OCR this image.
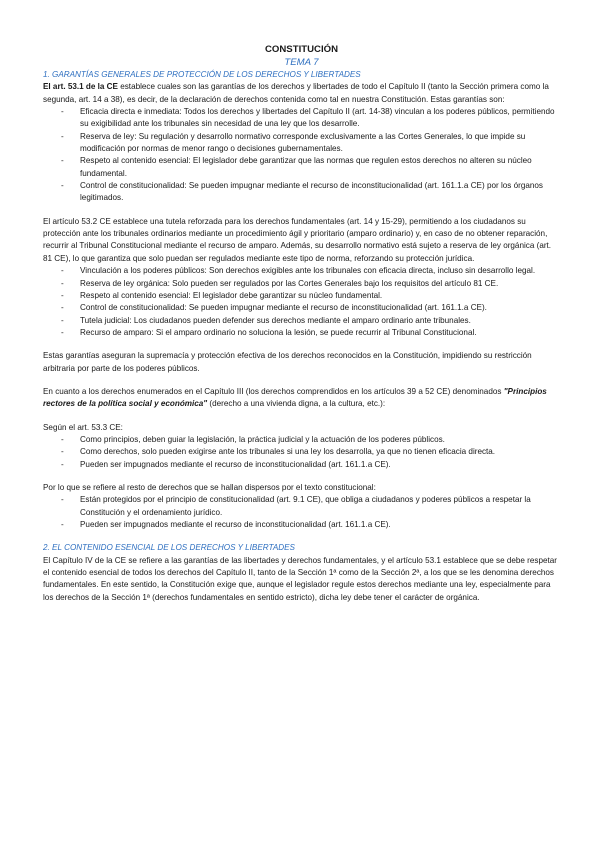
CONSTITUCIÓN
TEMA 7
1. GARANTÍAS GENERALES DE PROTECCIÓN DE LOS DERECHOS Y LIBERTADES

El art. 53.1 de la CE establece cuales son las garantías de los derechos y libertades de todo el Capítulo II (tanto la Sección primera como la segunda, art. 14 a 38), es decir, de la declaración de derechos contenida como tal en nuestra Constitución. Estas garantías son:

- Eficacia directa e inmediata: Todos los derechos y libertades del Capítulo II (art. 14-38) vinculan a los poderes públicos, permitiendo su exigibilidad ante los tribunales sin necesidad de una ley que los desarrolle.
- Reserva de ley: Su regulación y desarrollo normativo corresponde exclusivamente a las Cortes Generales, lo que impide su modificación por normas de menor rango o decisiones gubernamentales.
- Respeto al contenido esencial: El legislador debe garantizar que las normas que regulen estos derechos no alteren su núcleo fundamental.
- Control de constitucionalidad: Se pueden impugnar mediante el recurso de inconstitucionalidad (art. 161.1.a CE) por los órganos legitimados.

El artículo 53.2 CE establece una tutela reforzada para los derechos fundamentales (art. 14 y 15-29), permitiendo a los ciudadanos su protección ante los tribunales ordinarios mediante un procedimiento ágil y prioritario (amparo ordinario) y, en caso de no obtener reparación, recurrir al Tribunal Constitucional mediante el recurso de amparo. Además, su desarrollo normativo está sujeto a reserva de ley orgánica (art. 81 CE), lo que garantiza que solo puedan ser regulados mediante este tipo de norma, reforzando su protección jurídica.

- Vinculación a los poderes públicos: Son derechos exigibles ante los tribunales con eficacia directa, incluso sin desarrollo legal.
- Reserva de ley orgánica: Solo pueden ser regulados por las Cortes Generales bajo los requisitos del artículo 81 CE.
- Respeto al contenido esencial: El legislador debe garantizar su núcleo fundamental.
- Control de constitucionalidad: Se pueden impugnar mediante el recurso de inconstitucionalidad (art. 161.1.a CE).
- Tutela judicial: Los ciudadanos pueden defender sus derechos mediante el amparo ordinario ante tribunales.
- Recurso de amparo: Si el amparo ordinario no soluciona la lesión, se puede recurrir al Tribunal Constitucional.

Estas garantías aseguran la supremacía y protección efectiva de los derechos reconocidos en la Constitución, impidiendo su restricción arbitraria por parte de los poderes públicos.

En cuanto a los derechos enumerados en el Capítulo III (los derechos comprendidos en los artículos 39 a 52 CE) denominados "Principios rectores de la política social y económica" (derecho a una vivienda digna, a la cultura, etc.):

Según el art. 53.3 CE:

- Como principios, deben guiar la legislación, la práctica judicial y la actuación de los poderes públicos.
- Como derechos, solo pueden exigirse ante los tribunales si una ley los desarrolla, ya que no tienen eficacia directa.
- Pueden ser impugnados mediante el recurso de inconstitucionalidad (art. 161.1.a CE).

Por lo que se refiere al resto de derechos que se hallan dispersos por el texto constitucional:

- Están protegidos por el principio de constitucionalidad (art. 9.1 CE), que obliga a ciudadanos y poderes públicos a respetar la Constitución y el ordenamiento jurídico.
- Pueden ser impugnados mediante el recurso de inconstitucionalidad (art. 161.1.a CE).
2. EL CONTENIDO ESENCIAL DE LOS DERECHOS Y LIBERTADES

El Capítulo IV de la CE se refiere a las garantías de las libertades y derechos fundamentales, y el artículo 53.1 establece que se debe respetar el contenido esencial de todos los derechos del Capítulo II, tanto de la Sección 1ª como de la Sección 2ª, a los que se les denomina derechos fundamentales. En este sentido, la Constitución exige que, aunque el legislador regule estos derechos mediante una ley, especialmente para los derechos de la Sección 1ª (derechos fundamentales en sentido estricto), dicha ley debe tener el carácter de orgánica.
